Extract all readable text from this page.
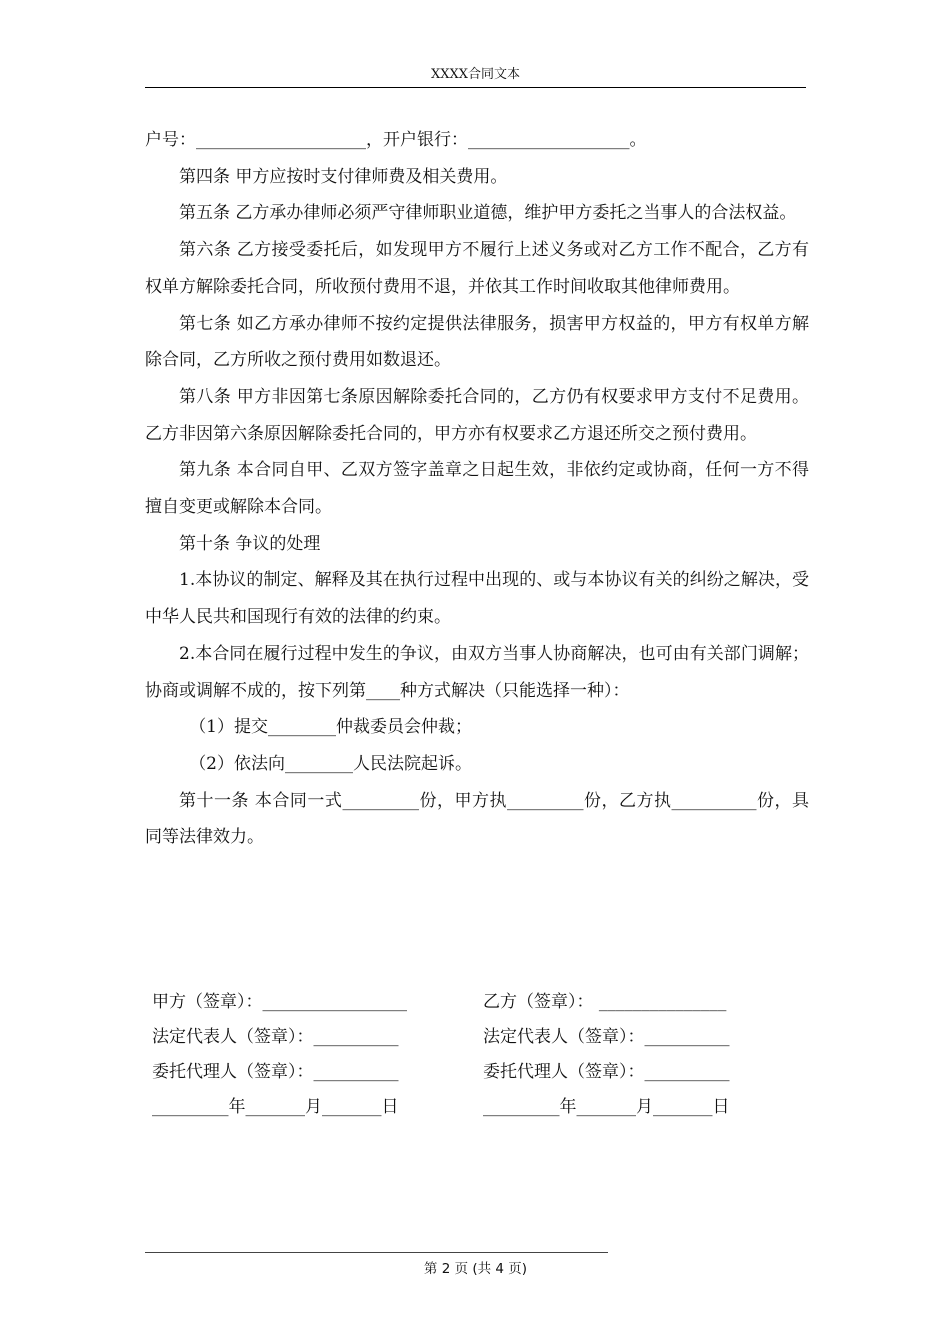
XXXX合同文本

户号：____________________，开户银行：___________________。

第四条 甲方应按时支付律师费及相关费用。

第五条 乙方承办律师必须严守律师职业道德，维护甲方委托之当事人的合法权益。

第六条 乙方接受委托后，如发现甲方不履行上述义务或对乙方工作不配合，乙方有权单方解除委托合同，所收预付费用不退，并依其工作时间收取其他律师费用。

第七条 如乙方承办律师不按约定提供法律服务，损害甲方权益的，甲方有权单方解除合同，乙方所收之预付费用如数退还。

第八条 甲方非因第七条原因解除委托合同的，乙方仍有权要求甲方支付不足费用。乙方非因第六条原因解除委托合同的，甲方亦有权要求乙方退还所交之预付费用。

第九条 本合同自甲、乙双方签字盖章之日起生效，非依约定或协商，任何一方不得擅自变更或解除本合同。

第十条 争议的处理

1.本协议的制定、解释及其在执行过程中出现的、或与本协议有关的纠纷之解决，受中华人民共和国现行有效的法律的约束。

2.本合同在履行过程中发生的争议，由双方当事人协商解决，也可由有关部门调解；协商或调解不成的，按下列第____种方式解决（只能选择一种）：

（1）提交________仲裁委员会仲裁；

（2）依法向________人民法院起诉。

第十一条 本合同一式_________份，甲方执_________份，乙方执__________份，具同等法律效力。

甲方（签章）：_________________	乙方（签章）： _______________
法定代表人（签章）：__________	法定代表人（签章）：__________
委托代理人（签章）：__________	委托代理人（签章）：__________
_________年_______月_______日	_________年_______月_______日
第 2 页 (共 4 页)
